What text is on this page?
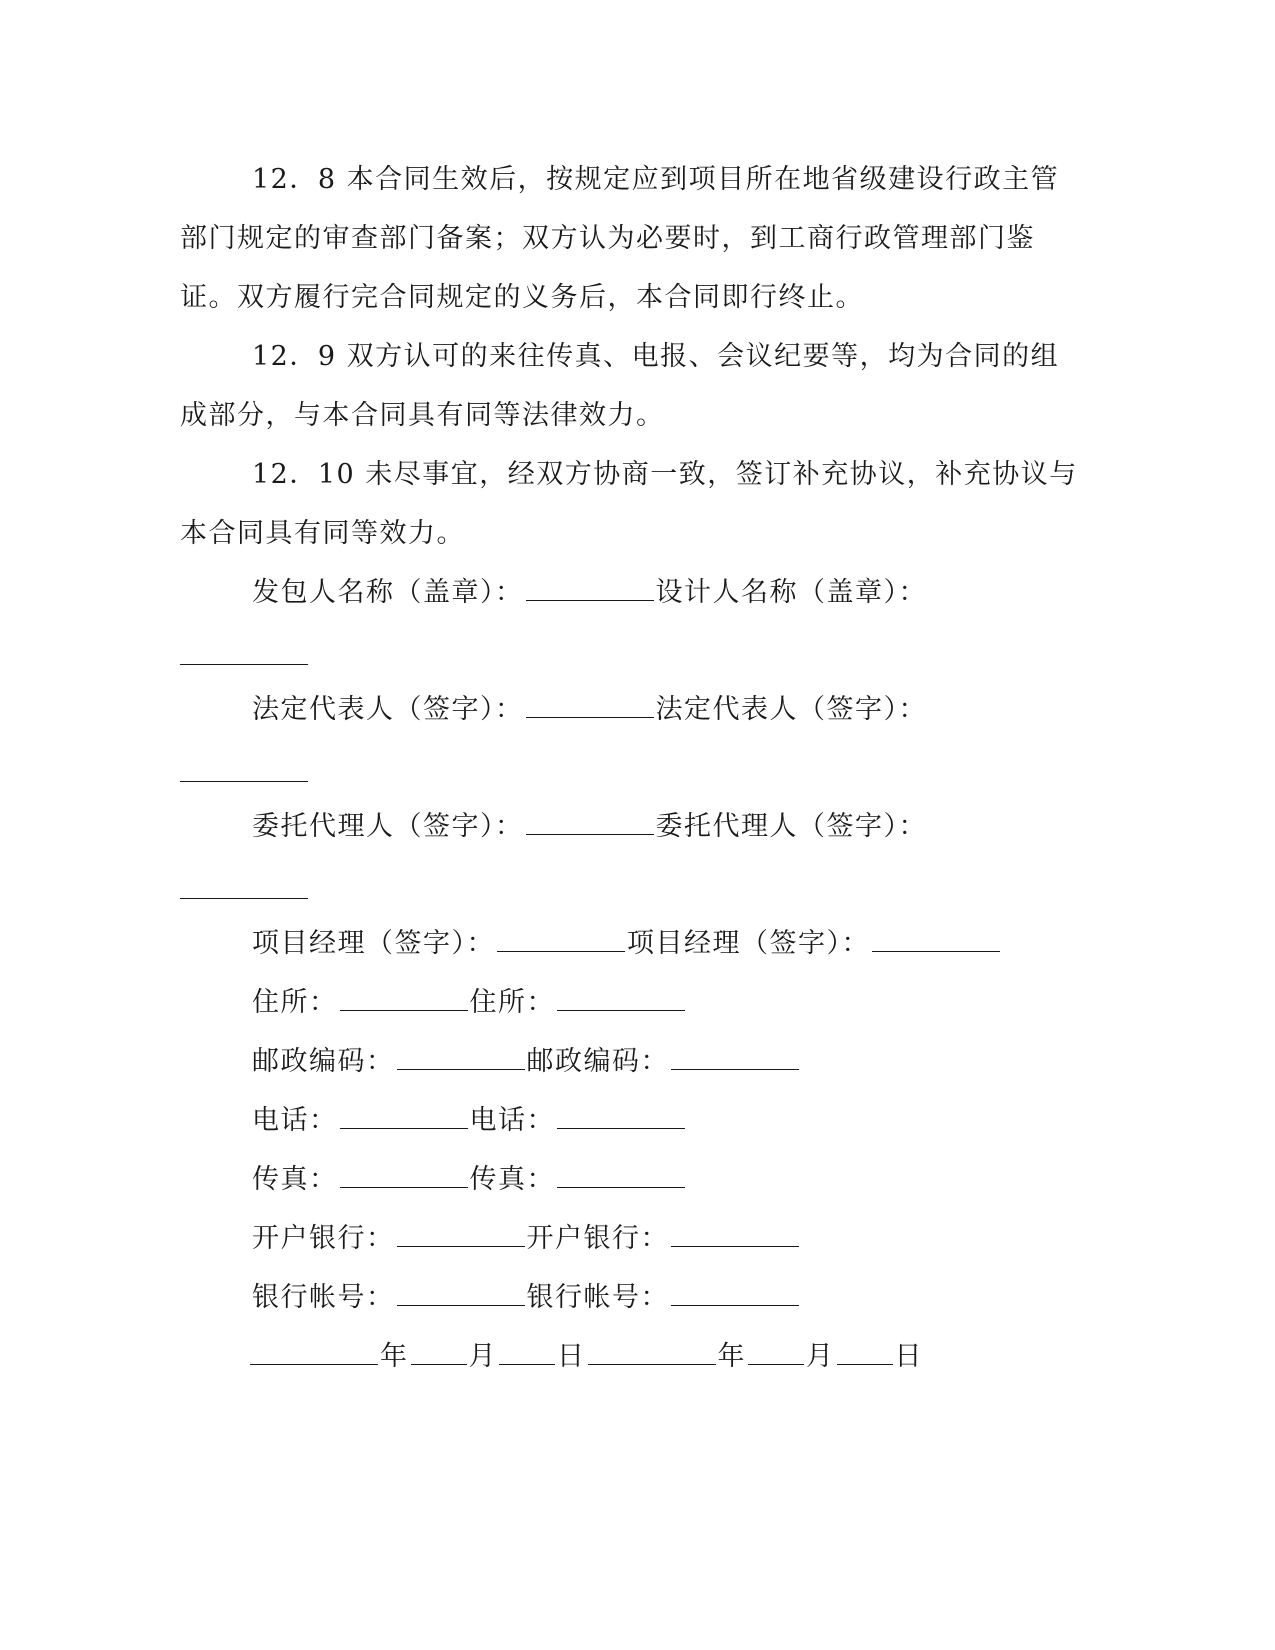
12．8 本合同生效后，按规定应到项目所在地省级建设行政主管
部门规定的审查部门备案；双方认为必要时，到工商行政管理部门鉴
证。双方履行完合同规定的义务后，本合同即行终止。
12．9 双方认可的来往传真、电报、会议纪要等，均为合同的组
成部分，与本合同具有同等法律效力。
12．10 未尽事宜，经双方协商一致，签订补充协议，补充协议与
本合同具有同等效力。
发包人名称（盖章）：	设计人名称（盖章）：
法定代表人（签字）：	法定代表人（签字）：
委托代理人（签字）：	委托代理人（签字）：
项目经理（签字）：	项目经理（签字）：
住所：	住所：
邮政编码：	邮政编码：
电话：	电话：
传真：	传真：
开户银行：	开户银行：
银行帐号：	银行帐号：
年 月 日	年 月 日
